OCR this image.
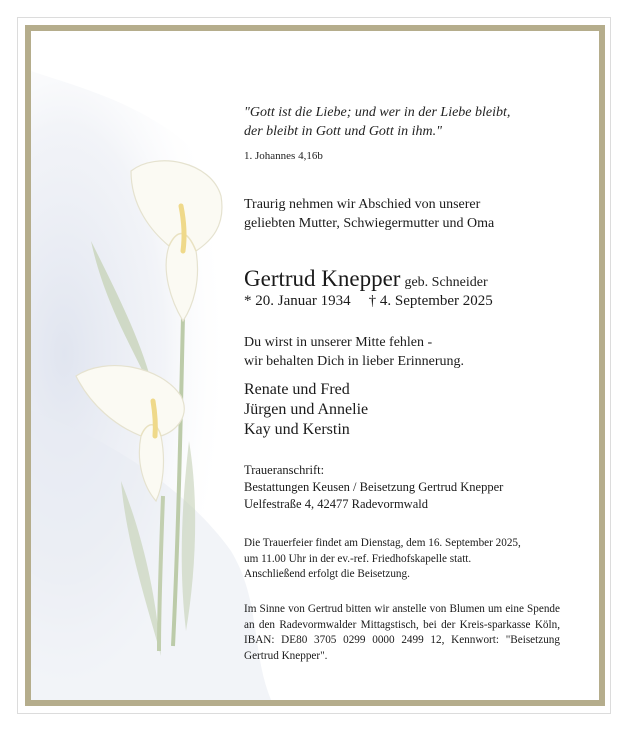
"Gott ist die Liebe; und wer in der Liebe bleibt,
der bleibt in Gott und Gott in ihm."
1. Johannes 4,16b
Traurig nehmen wir Abschied von unserer
geliebten Mutter, Schwiegermutter und Oma
Gertrud Knepper geb. Schneider
* 20. Januar 1934 † 4. September 2025
Du wirst in unserer Mitte fehlen -
wir behalten Dich in lieber Erinnerung.
Renate und Fred
Jürgen und Annelie
Kay und Kerstin
Traueranschrift:
Bestattungen Keusen / Beisetzung Gertrud Knepper
Uelfestraße 4, 42477 Radevormwald
Die Trauerfeier findet am Dienstag, dem 16. September 2025,
um 11.00 Uhr in der ev.-ref. Friedhofskapelle statt.
Anschließend erfolgt die Beisetzung.
Im Sinne von Gertrud bitten wir anstelle von Blumen um eine Spende an den Radevormwalder Mittagstisch, bei der Kreis-sparkasse Köln, IBAN: DE80 3705 0299 0000 2499 12, Kennwort: "Beisetzung Gertrud Knepper".
